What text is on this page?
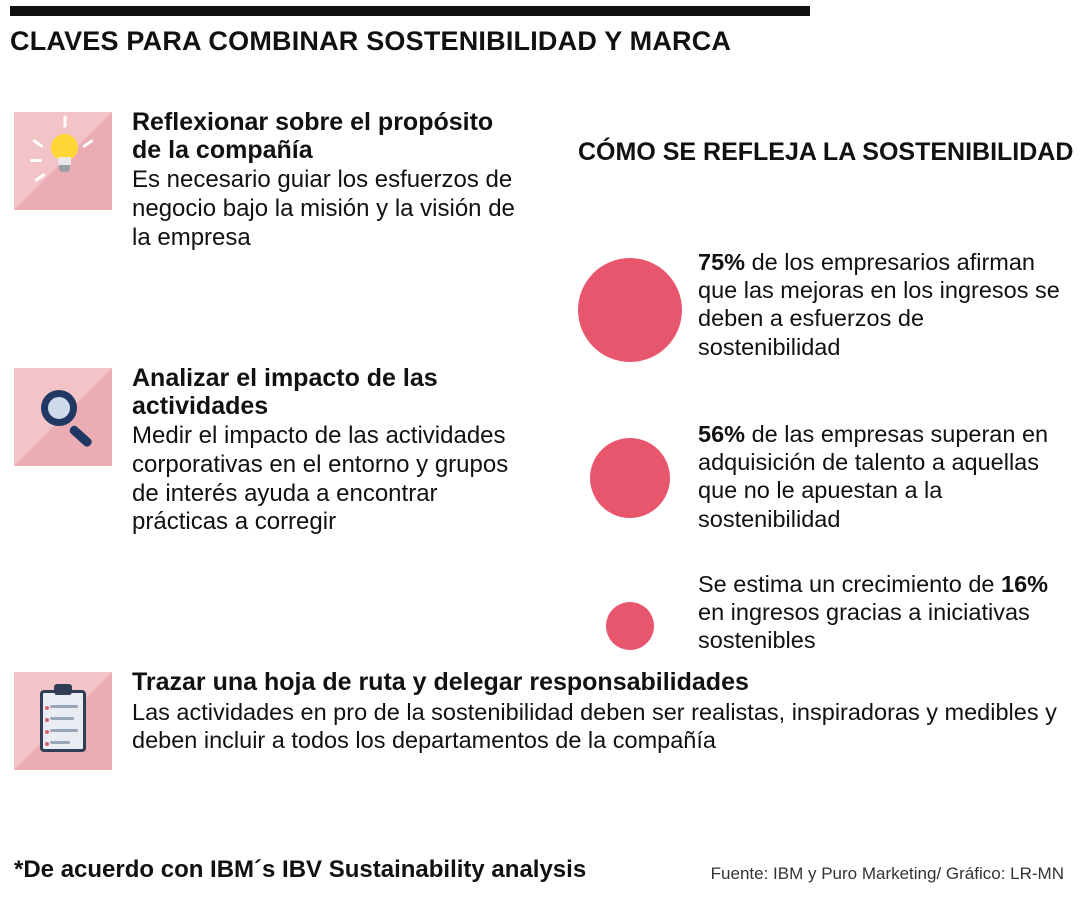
CLAVES PARA COMBINAR SOSTENIBILIDAD Y MARCA
Reflexionar sobre el propósito de la compañía
Es necesario guiar los esfuerzos de negocio bajo la misión y la visión de la empresa
Analizar el impacto de las actividades
Medir el impacto de las actividades corporativas en el entorno y grupos de interés ayuda a encontrar prácticas a corregir
Trazar una hoja de ruta y delegar responsabilidades
Las actividades en pro de la sostenibilidad deben ser realistas, inspiradoras y medibles y deben incluir a todos los departamentos de la compañía
CÓMO SE REFLEJA LA SOSTENIBILIDAD
75% de los empresarios afirman que las mejoras en los ingresos se deben a esfuerzos de sostenibilidad
56% de las empresas superan en adquisición de talento a aquellas que no le apuestan a la sostenibilidad
Se estima un crecimiento de 16% en ingresos gracias a iniciativas sostenibles
*De acuerdo con IBM´s IBV Sustainability analysis	Fuente: IBM y Puro Marketing/ Gráfico: LR-MN
